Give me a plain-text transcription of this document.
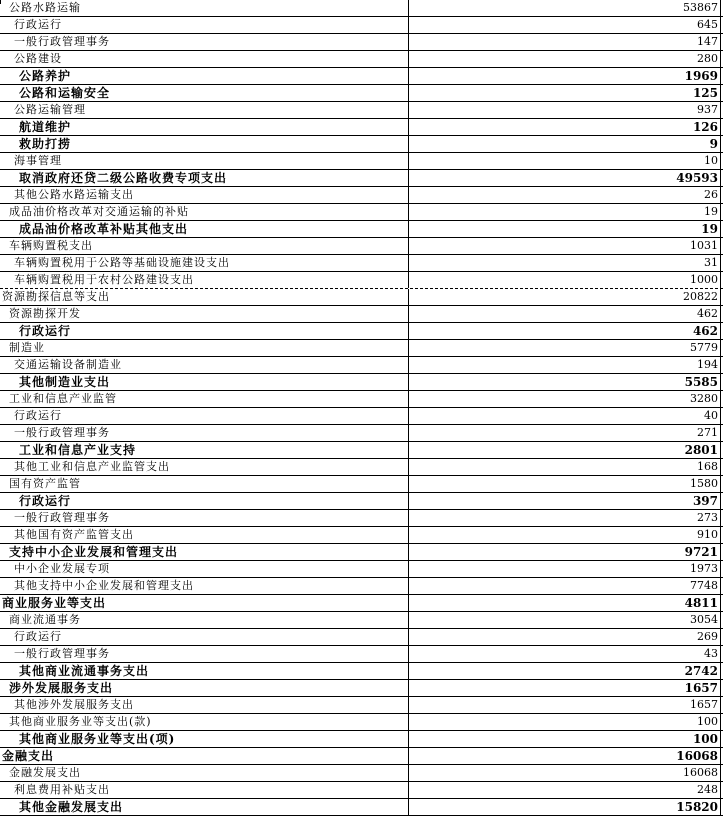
公路水路运输	53867
行政运行	645
一般行政管理事务	147
公路建设	280
公路养护	1969
公路和运输安全	125
公路运输管理	937
航道维护	126
救助打捞	9
海事管理	10
取消政府还贷二级公路收费专项支出	49593
其他公路水路运输支出	26
成品油价格改革对交通运输的补贴	19
成品油价格改革补贴其他支出	19
车辆购置税支出	1031
车辆购置税用于公路等基础设施建设支出	31
车辆购置税用于农村公路建设支出	1000
资源勘探信息等支出	20822
资源勘探开发	462
行政运行	462
制造业	5779
交通运输设备制造业	194
其他制造业支出	5585
工业和信息产业监管	3280
行政运行	40
一般行政管理事务	271
工业和信息产业支持	2801
其他工业和信息产业监管支出	168
国有资产监管	1580
行政运行	397
一般行政管理事务	273
其他国有资产监管支出	910
支持中小企业发展和管理支出	9721
中小企业发展专项	1973
其他支持中小企业发展和管理支出	7748
商业服务业等支出	4811
商业流通事务	3054
行政运行	269
一般行政管理事务	43
其他商业流通事务支出	2742
涉外发展服务支出	1657
其他涉外发展服务支出	1657
其他商业服务业等支出(款)	100
其他商业服务业等支出(项)	100
金融支出	16068
金融发展支出	16068
利息费用补贴支出	248
其他金融发展支出	15820
